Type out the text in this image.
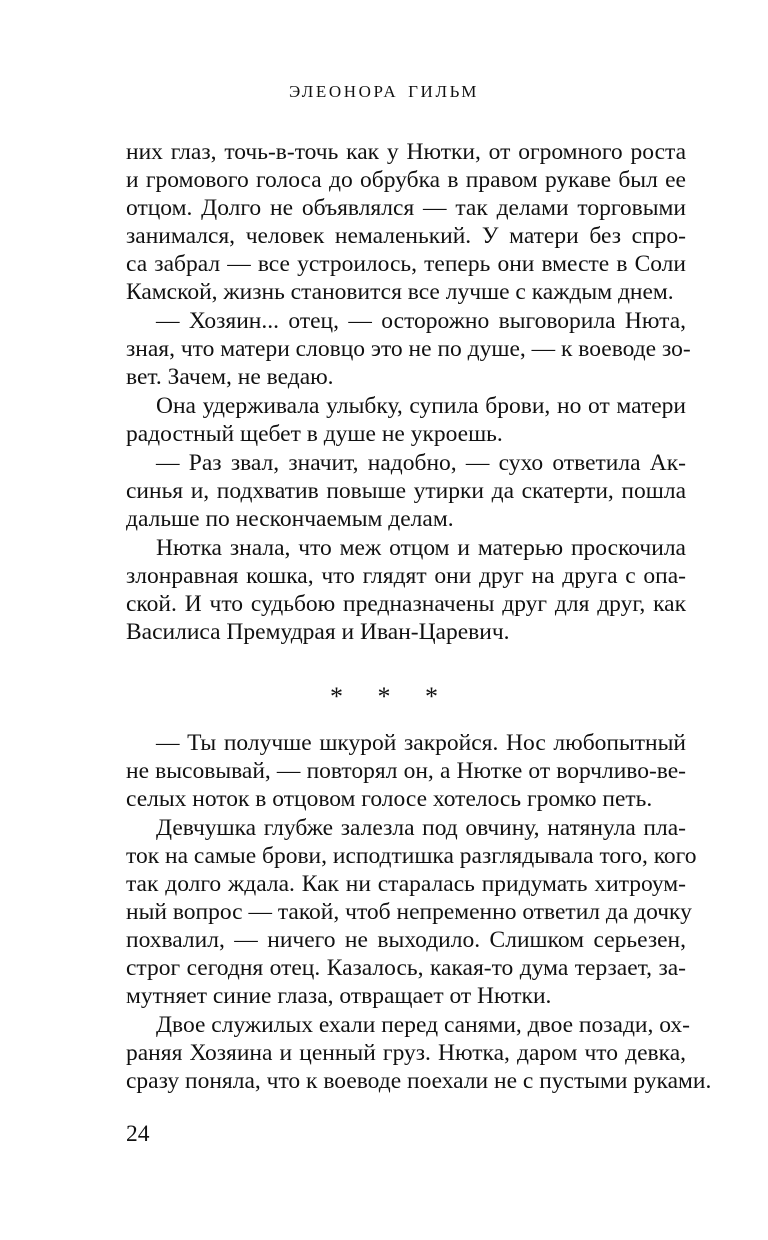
ЭЛЕОНОРА ГИЛЬМ
них глаз, точь-в-точь как у Нютки, от огромного роста
и громового голоса до обрубка в правом рукаве был ее
отцом. Долго не объявлялся — так делами торговыми
занимался, человек немаленький. У матери без спро-
са забрал — все устроилось, теперь они вместе в Соли
Камской, жизнь становится все лучше с каждым днем.
— Хозяин... отец, — осторожно выговорила Нюта,
зная, что матери словцо это не по душе, — к воеводе зо-
вет. Зачем, не ведаю.
Она удерживала улыбку, супила брови, но от матери
радостный щебет в душе не укроешь.
— Раз звал, значит, надобно, — сухо ответила Ак-
синья и, подхватив повыше утирки да скатерти, пошла
дальше по нескончаемым делам.
Нютка знала, что меж отцом и матерью проскочила
злонравная кошка, что глядят они друг на друга с опа-
ской. И что судьбою предназначены друг для друг, как
Василиса Премудрая и Иван-Царевич.
* * *
— Ты получше шкурой закройся. Нос любопытный
не высовывай, — повторял он, а Нютке от ворчливо-ве-
селых ноток в отцовом голосе хотелось громко петь.
Девчушка глубже залезла под овчину, натянула пла-
ток на самые брови, исподтишка разглядывала того, кого
так долго ждала. Как ни старалась придумать хитроум-
ный вопрос — такой, чтоб непременно ответил да дочку
похвалил, — ничего не выходило. Слишком серьезен,
строг сегодня отец. Казалось, какая-то дума терзает, за-
мутняет синие глаза, отвращает от Нютки.
Двое служилых ехали перед санями, двое позади, ох-
раняя Хозяина и ценный груз. Нютка, даром что девка,
сразу поняла, что к воеводе поехали не с пустыми руками.
24
